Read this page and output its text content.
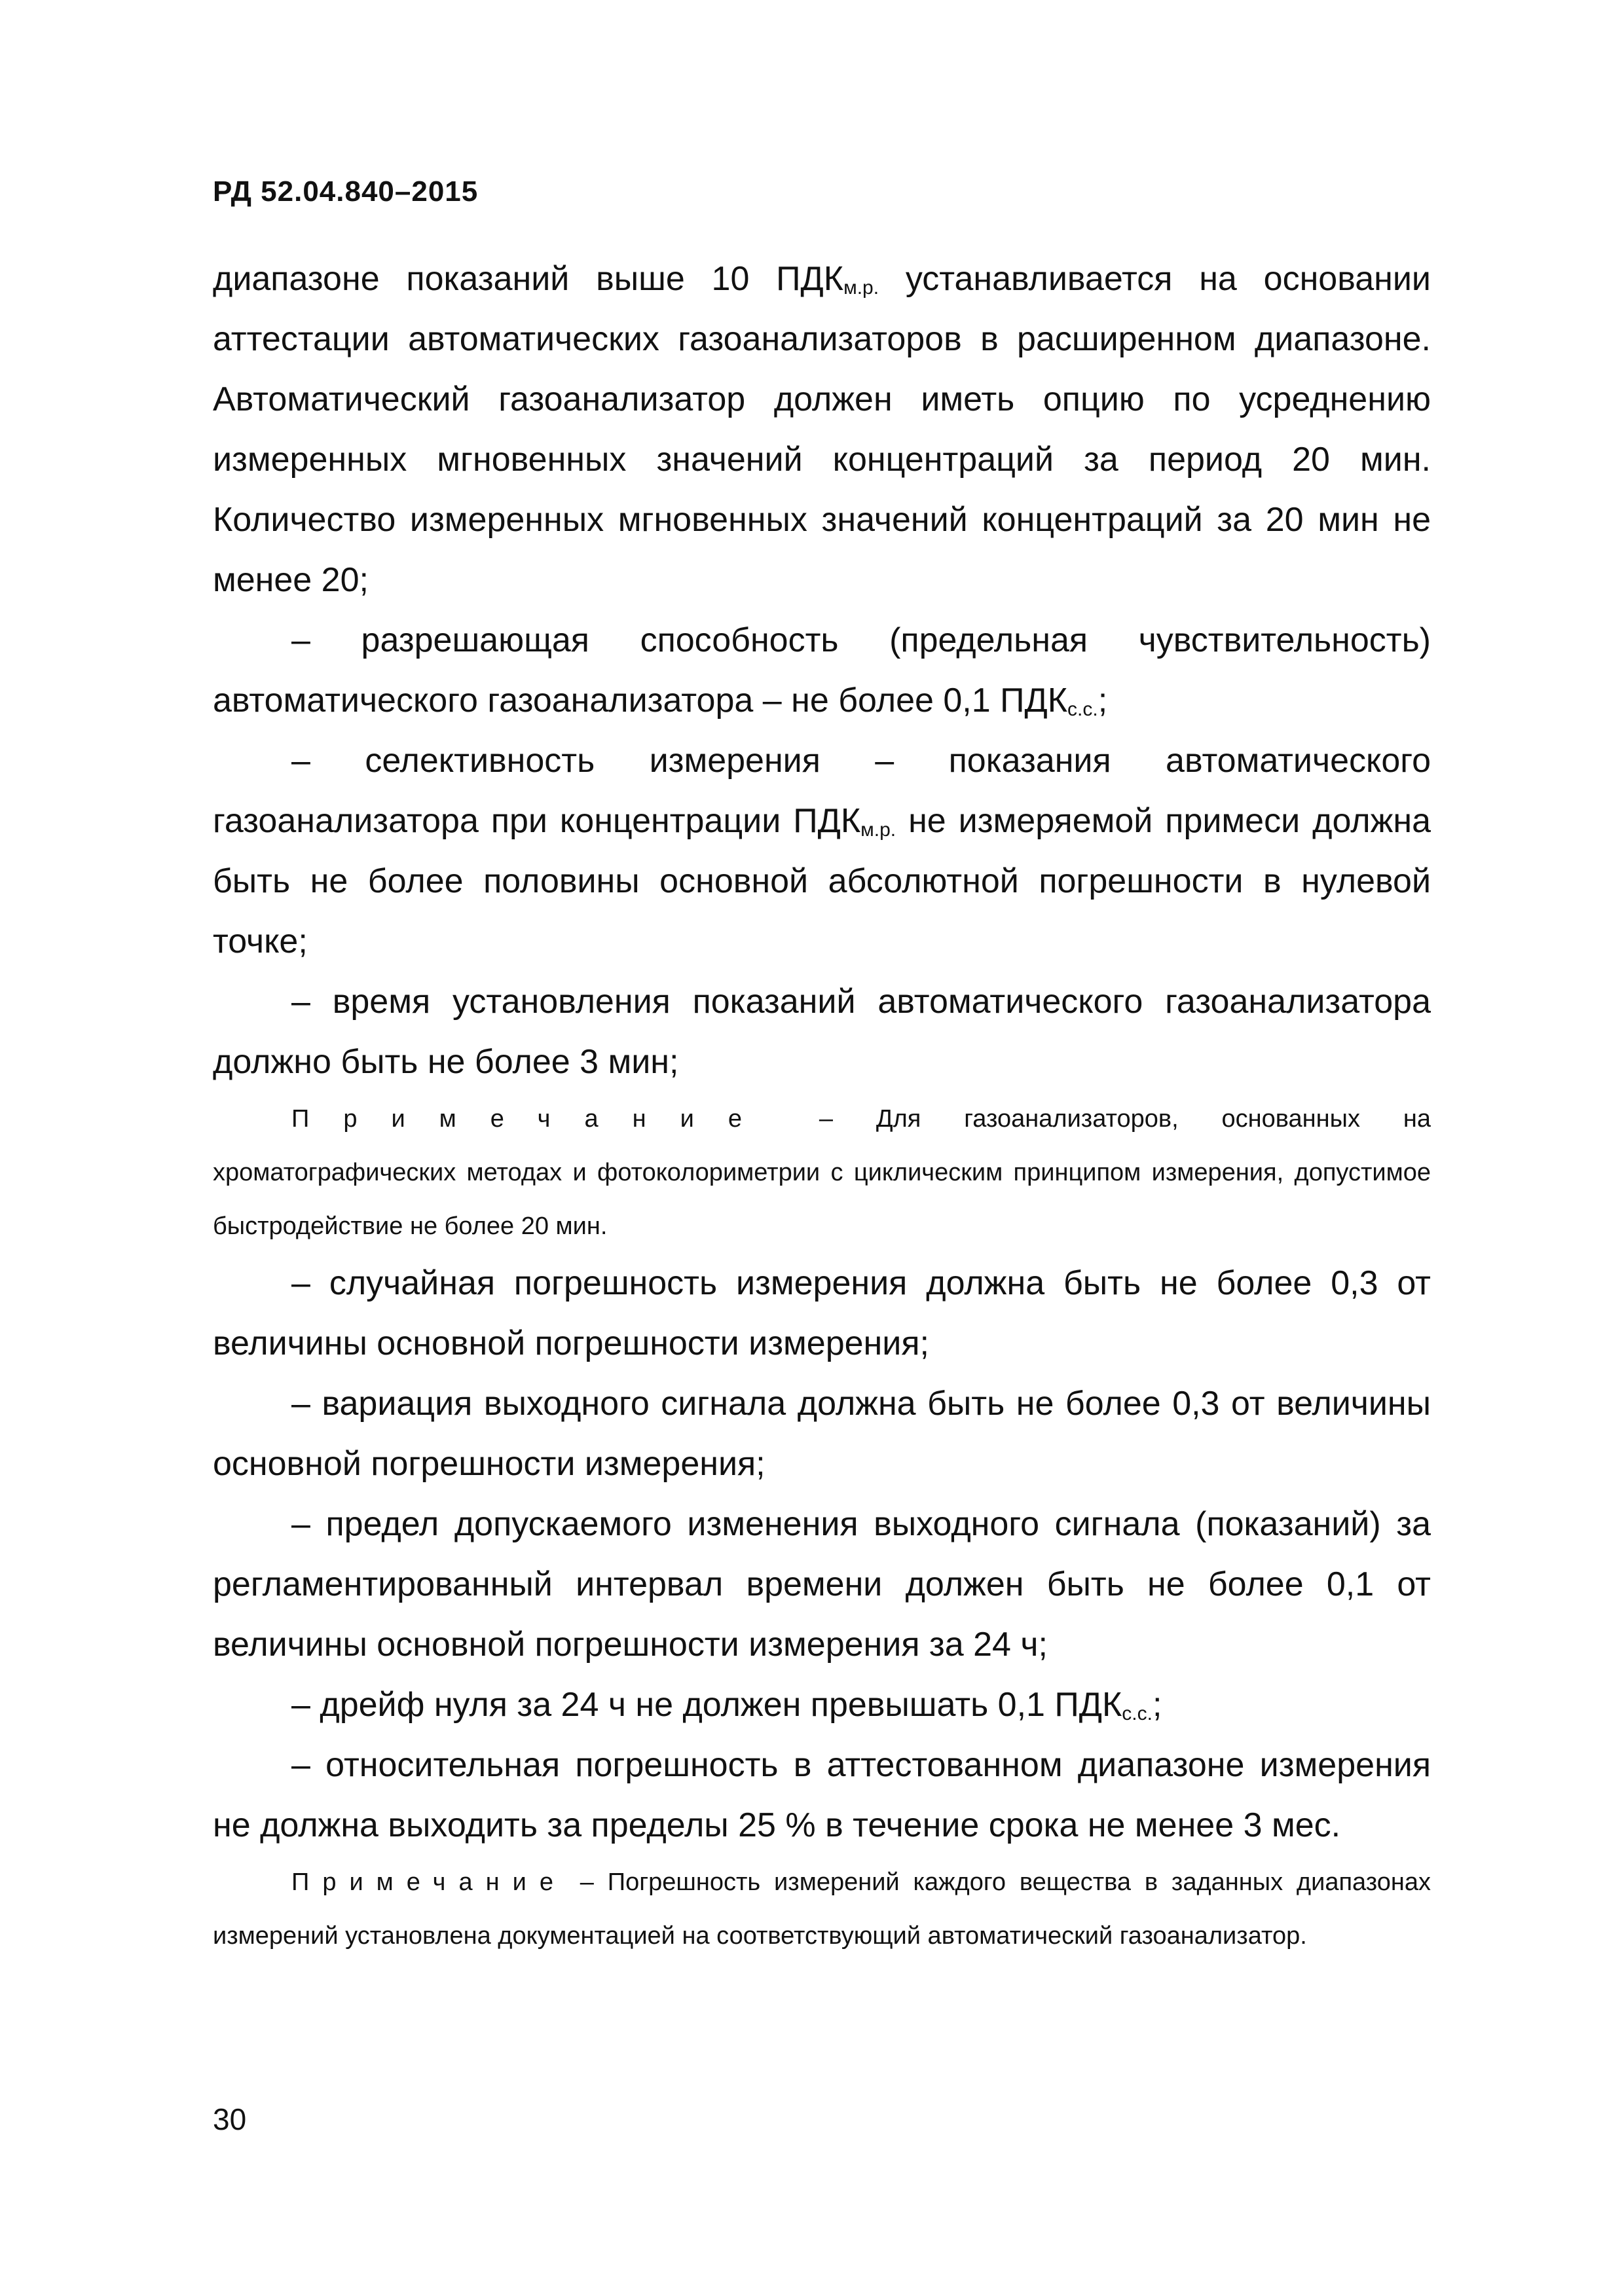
РД 52.04.840–2015

диапазоне показаний выше 10 $ПДК_{м.р.}$ устанавливается на основании аттестации автоматических газоанализаторов в расширенном диапазоне. Автоматический газоанализатор должен иметь опцию по усреднению измеренных мгновенных значений концентраций за период 20 мин. Количество измеренных мгновенных значений концентраций за 20 мин не менее 20;

– разрешающая способность (предельная чувствительность) автоматического газоанализатора – не более 0,1 $ПДК_{с.с.}$;

– селективность измерения – показания автоматического газоанализатора при концентрации $ПДК_{м.р.}$ не измеряемой примеси должна быть не более половины основной абсолютной погрешности в нулевой точке;

– время установления показаний автоматического газоанализатора должно быть не более 3 мин;

Примечание – Для газоанализаторов, основанных на хроматографических методах и фотоколориметрии с циклическим принципом измерения, допустимое быстродействие не более 20 мин.

– случайная погрешность измерения должна быть не более 0,3 от величины основной погрешности измерения;

– вариация выходного сигнала должна быть не более 0,3 от величины основной погрешности измерения;

– предел допускаемого изменения выходного сигнала (показаний) за регламентированный интервал времени должен быть не более 0,1 от величины основной погрешности измерения за 24 ч;

– дрейф нуля за 24 ч не должен превышать 0,1 $ПДК_{с.с.}$;

– относительная погрешность в аттестованном диапазоне измерения не должна выходить за пределы 25 % в течение срока не менее 3 мес.

Примечание – Погрешность измерений каждого вещества в заданных диапазонах измерений установлена документацией на соответствующий автоматический газоанализатор.

30
